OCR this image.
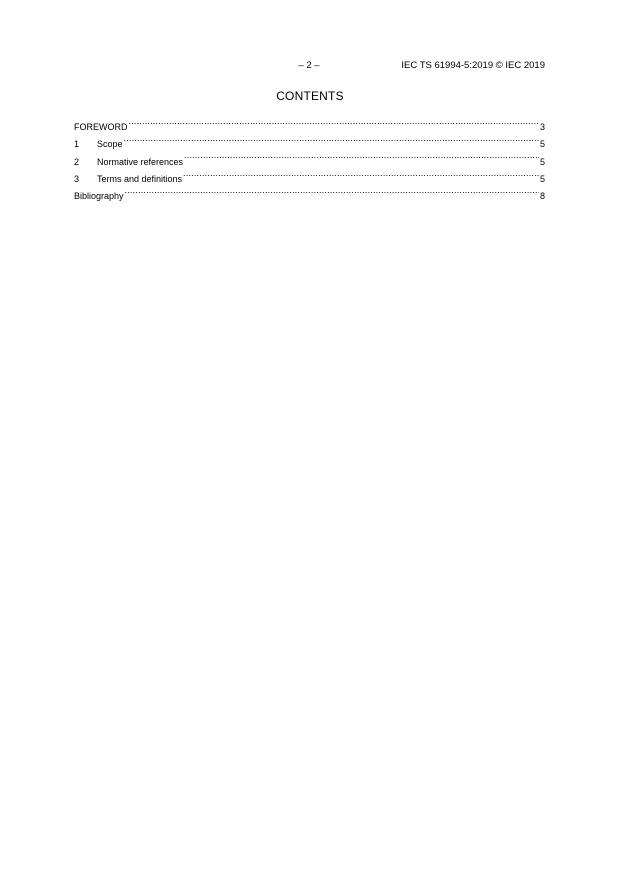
– 2 –	IEC TS 61994-5:2019 © IEC 2019
CONTENTS
FOREWORD .....	3
1	Scope .....	5
2	Normative references .....	5
3	Terms and definitions .....	5
Bibliography .....	8
